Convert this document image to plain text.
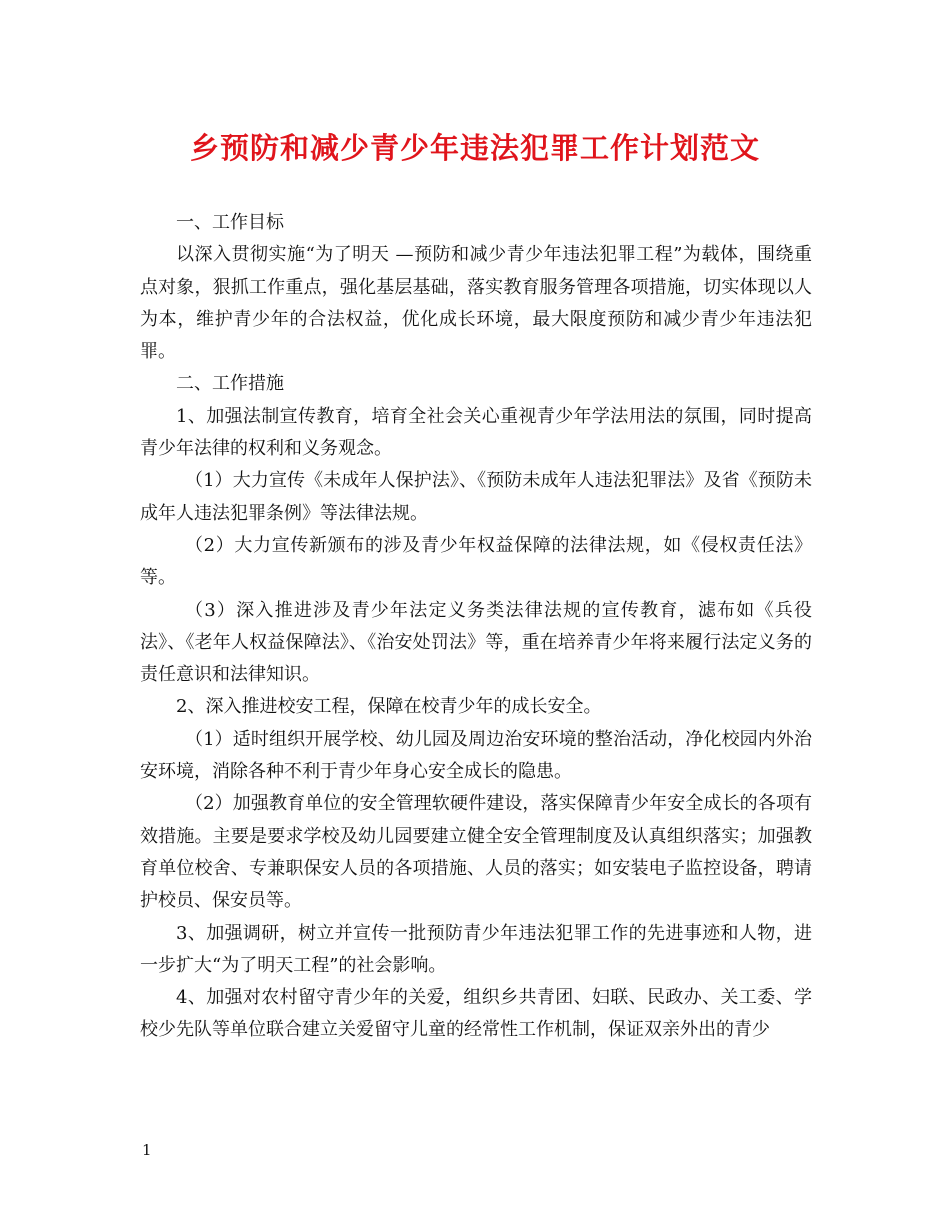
乡预防和减少青少年违法犯罪工作计划范文

一、工作目标

以深入贯彻实施“为了明天 —预防和减少青少年违法犯罪工程”为载体，围绕重点对象，狠抓工作重点，强化基层基础，落实教育服务管理各项措施，切实体现以人为本，维护青少年的合法权益，优化成长环境，最大限度预防和减少青少年违法犯罪。

二、工作措施

1、加强法制宣传教育，培育全社会关心重视青少年学法用法的氛围，同时提高青少年法律的权利和义务观念。

（1）大力宣传《未成年人保护法》、《预防未成年人违法犯罪法》及省《预防未成年人违法犯罪条例》等法律法规。

（2）大力宣传新颁布的涉及青少年权益保障的法律法规，如《侵权责任法》等。

（3）深入推进涉及青少年法定义务类法律法规的宣传教育，滤布如《兵役法》、《老年人权益保障法》、《治安处罚法》等，重在培养青少年将来履行法定义务的责任意识和法律知识。

2、深入推进校安工程，保障在校青少年的成长安全。

（1）适时组织开展学校、幼儿园及周边治安环境的整治活动，净化校园内外治安环境，消除各种不利于青少年身心安全成长的隐患。

（2）加强教育单位的安全管理软硬件建设，落实保障青少年安全成长的各项有效措施。主要是要求学校及幼儿园要建立健全安全管理制度及认真组织落实；加强教育单位校舍、专兼职保安人员的各项措施、人员的落实；如安装电子监控设备，聘请护校员、保安员等。

3、加强调研，树立并宣传一批预防青少年违法犯罪工作的先进事迹和人物，进一步扩大“为了明天工程”的社会影响。

4、加强对农村留守青少年的关爱，组织乡共青团、妇联、民政办、关工委、学校少先队等单位联合建立关爱留守儿童的经常性工作机制，保证双亲外出的青少

1
